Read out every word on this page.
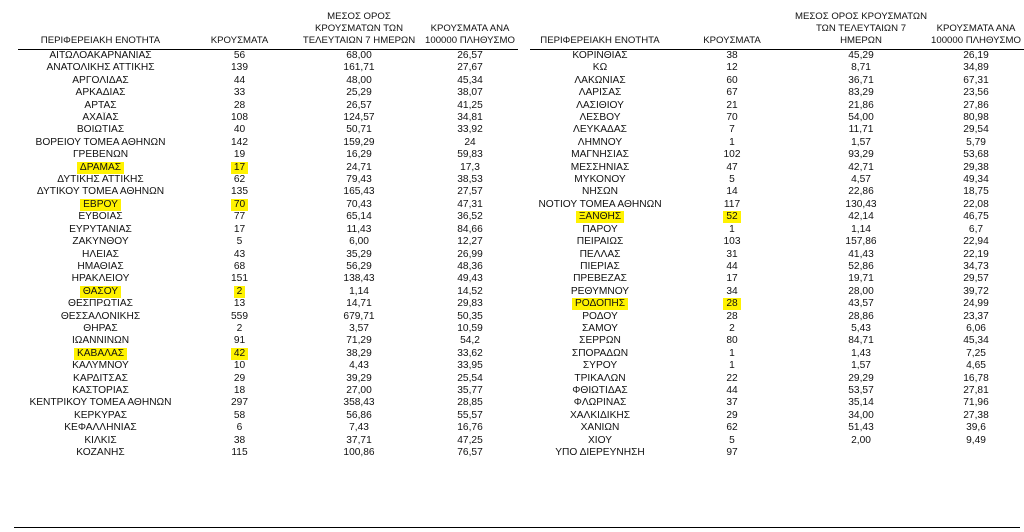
ΠΕΡΙΦΕΡΕΙΑΚΗ ΕΝΟΤΗΤΑ	ΚΡΟΥΣΜΑΤΑ	ΜΕΣΟΣ ΟΡΟΣ ΚΡΟΥΣΜΑΤΩΝ ΤΩΝ ΤΕΛΕΥΤΑΙΩΝ 7 ΗΜΕΡΩΝ	ΚΡΟΥΣΜΑΤΑ ΑΝΑ 100000 ΠΛΗΘΥΣΜΟ
ΑΙΤΩΛΟΑΚΑΡΝΑΝΙΑΣ	56	68,00	26,57
ΑΝΑΤΟΛΙΚΗΣ ΑΤΤΙΚΗΣ	139	161,71	27,67
ΑΡΓΟΛΙΔΑΣ	44	48,00	45,34
ΑΡΚΑΔΙΑΣ	33	25,29	38,07
ΑΡΤΑΣ	28	26,57	41,25
ΑΧΑΪΑΣ	108	124,57	34,81
ΒΟΙΩΤΙΑΣ	40	50,71	33,92
ΒΟΡΕΙΟΥ ΤΟΜΕΑ ΑΘΗΝΩΝ	142	159,29	24
ΓΡΕΒΕΝΩΝ	19	16,29	59,83
ΔΡΑΜΑΣ	17	24,71	17,3
ΔΥΤΙΚΗΣ ΑΤΤΙΚΗΣ	62	79,43	38,53
ΔΥΤΙΚΟΥ ΤΟΜΕΑ ΑΘΗΝΩΝ	135	165,43	27,57
ΕΒΡΟΥ	70	70,43	47,31
ΕΥΒΟΙΑΣ	77	65,14	36,52
ΕΥΡΥΤΑΝΙΑΣ	17	11,43	84,66
ΖΑΚΥΝΘΟΥ	5	6,00	12,27
ΗΛΕΙΑΣ	43	35,29	26,99
ΗΜΑΘΙΑΣ	68	56,29	48,36
ΗΡΑΚΛΕΙΟΥ	151	138,43	49,43
ΘΑΣΟΥ	2	1,14	14,52
ΘΕΣΠΡΩΤΙΑΣ	13	14,71	29,83
ΘΕΣΣΑΛΟΝΙΚΗΣ	559	679,71	50,35
ΘΗΡΑΣ	2	3,57	10,59
ΙΩΑΝΝΙΝΩΝ	91	71,29	54,2
ΚΑΒΑΛΑΣ	42	38,29	33,62
ΚΑΛΥΜΝΟΥ	10	4,43	33,95
ΚΑΡΔΙΤΣΑΣ	29	39,29	25,54
ΚΑΣΤΟΡΙΑΣ	18	27,00	35,77
ΚΕΝΤΡΙΚΟΥ ΤΟΜΕΑ ΑΘΗΝΩΝ	297	358,43	28,85
ΚΕΡΚΥΡΑΣ	58	56,86	55,57
ΚΕΦΑΛΛΗΝΙΑΣ	6	7,43	16,76
ΚΙΛΚΙΣ	38	37,71	47,25
ΚΟΖΑΝΗΣ	115	100,86	76,57
ΠΕΡΙΦΕΡΕΙΑΚΗ ΕΝΟΤΗΤΑ	ΚΡΟΥΣΜΑΤΑ	ΜΕΣΟΣ ΟΡΟΣ ΚΡΟΥΣΜΑΤΩΝ ΤΩΝ ΤΕΛΕΥΤΑΙΩΝ 7 ΗΜΕΡΩΝ	ΚΡΟΥΣΜΑΤΑ ΑΝΑ 100000 ΠΛΗΘΥΣΜΟ
ΚΟΡΙΝΘΙΑΣ	38	45,29	26,19
ΚΩ	12	8,71	34,89
ΛΑΚΩΝΙΑΣ	60	36,71	67,31
ΛΑΡΙΣΑΣ	67	83,29	23,56
ΛΑΣΙΘΙΟΥ	21	21,86	27,86
ΛΕΣΒΟΥ	70	54,00	80,98
ΛΕΥΚΑΔΑΣ	7	11,71	29,54
ΛΗΜΝΟΥ	1	1,57	5,79
ΜΑΓΝΗΣΙΑΣ	102	93,29	53,68
ΜΕΣΣΗΝΙΑΣ	47	42,71	29,38
ΜΥΚΟΝΟΥ	5	4,57	49,34
ΝΗΣΩΝ	14	22,86	18,75
ΝΟΤΙΟΥ ΤΟΜΕΑ ΑΘΗΝΩΝ	117	130,43	22,08
ΞΑΝΘΗΣ	52	42,14	46,75
ΠΑΡΟΥ	1	1,14	6,7
ΠΕΙΡΑΙΩΣ	103	157,86	22,94
ΠΕΛΛΑΣ	31	41,43	22,19
ΠΙΕΡΙΑΣ	44	52,86	34,73
ΠΡΕΒΕΖΑΣ	17	19,71	29,57
ΡΕΘΥΜΝΟΥ	34	28,00	39,72
ΡΟΔΟΠΗΣ	28	43,57	24,99
ΡΟΔΟΥ	28	28,86	23,37
ΣΑΜΟΥ	2	5,43	6,06
ΣΕΡΡΩΝ	80	84,71	45,34
ΣΠΟΡΑΔΩΝ	1	1,43	7,25
ΣΥΡΟΥ	1	1,57	4,65
ΤΡΙΚΑΛΩΝ	22	29,29	16,78
ΦΘΙΩΤΙΔΑΣ	44	53,57	27,81
ΦΛΩΡΙΝΑΣ	37	35,14	71,96
ΧΑΛΚΙΔΙΚΗΣ	29	34,00	27,38
ΧΑΝΙΩΝ	62	51,43	39,6
ΧΙΟΥ	5	2,00	9,49
ΥΠΟ ΔΙΕΡΕΥΝΗΣΗ	97		
